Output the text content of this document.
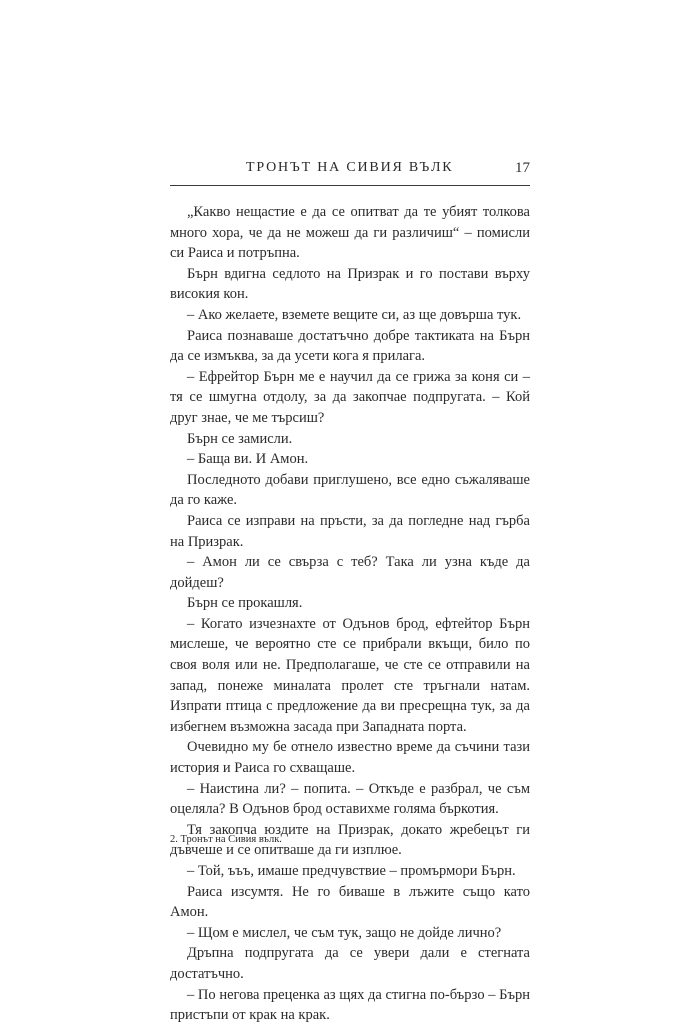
ТРОНЪТ НА СИВИЯ ВЪЛК	17

„Какво нещастие е да се опитват да те убият толкова много хора, че да не можеш да ги различиш“ – помисли си Раиса и потръпна.

Бърн вдигна седлото на Призрак и го постави върху високия кон.

– Ако желаете, вземете вещите си, аз ще довърша тук.

Раиса познаваше достатъчно добре тактиката на Бърн да се измъква, за да усети кога я прилага.

– Ефрейтор Бърн ме е научил да се грижа за коня си – тя се шмугна отдолу, за да закопчае подпругата. – Кой друг знае, че ме търсиш?

Бърн се замисли.

– Баща ви. И Амон.

Последното добави приглушено, все едно съжаляваше да го каже.

Раиса се изправи на пръсти, за да погледне над гърба на Призрак.

– Амон ли се свърза с теб? Така ли узна къде да дойдеш?

Бърн се прокашля.

– Когато изчезнахте от Одънов брод, ефтейтор Бърн мислеше, че вероятно сте се прибрали вкъщи, било по своя воля или не. Предполагаше, че сте се отправили на запад, понеже миналата пролет сте тръгнали натам. Изпрати птица с предложение да ви пресрещна тук, за да избегнем възможна засада при Западната порта.

Очевидно му бе отнело известно време да съчини тази история и Раиса го схващаше.

– Наистина ли? – попита. – Откъде е разбрал, че съм оцеляла? В Одънов брод оставихме голяма бъркотия.

Тя закопча юздите на Призрак, докато жребецът ги дъвчеше и се опитваше да ги изплюе.

– Той, ъъъ, имаше предчувствие – промърмори Бърн.

Раиса изсумтя. Не го биваше в лъжите също като Амон.

– Щом е мислел, че съм тук, защо не дойде лично?

Дръпна подпругата да се увери дали е стегната достатъчно.

– По негова преценка аз щях да стигна по-бързо – Бърн пристъпи от крак на крак.

2. Тронът на Сивия вълк.
